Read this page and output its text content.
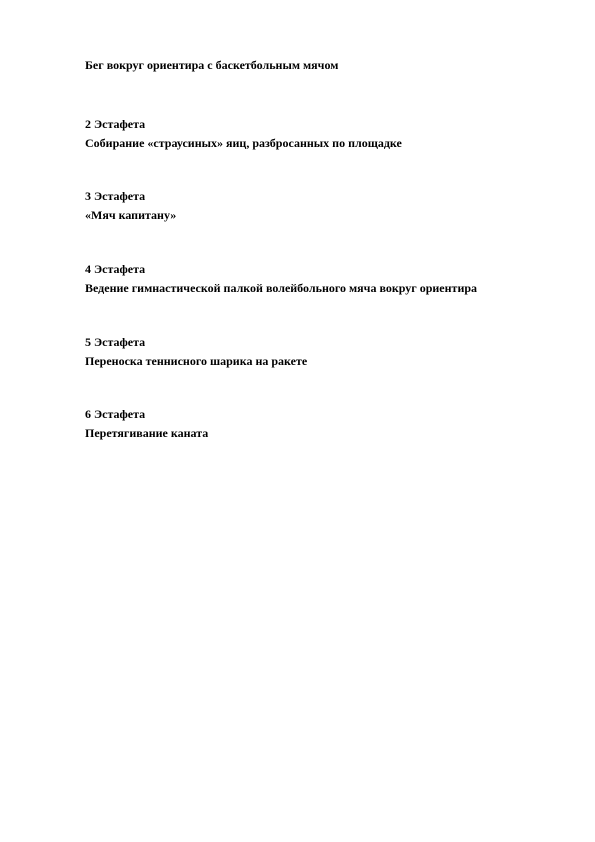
Бег вокруг ориентира с баскетбольным мячом
2 Эстафета
Собирание «страусиных» яиц, разбросанных по площадке
3 Эстафета
«Мяч капитану»
4 Эстафета
Ведение гимнастической палкой волейбольного мяча вокруг ориентира
5 Эстафета
Переноска теннисного шарика на ракете
6 Эстафета
Перетягивание каната
